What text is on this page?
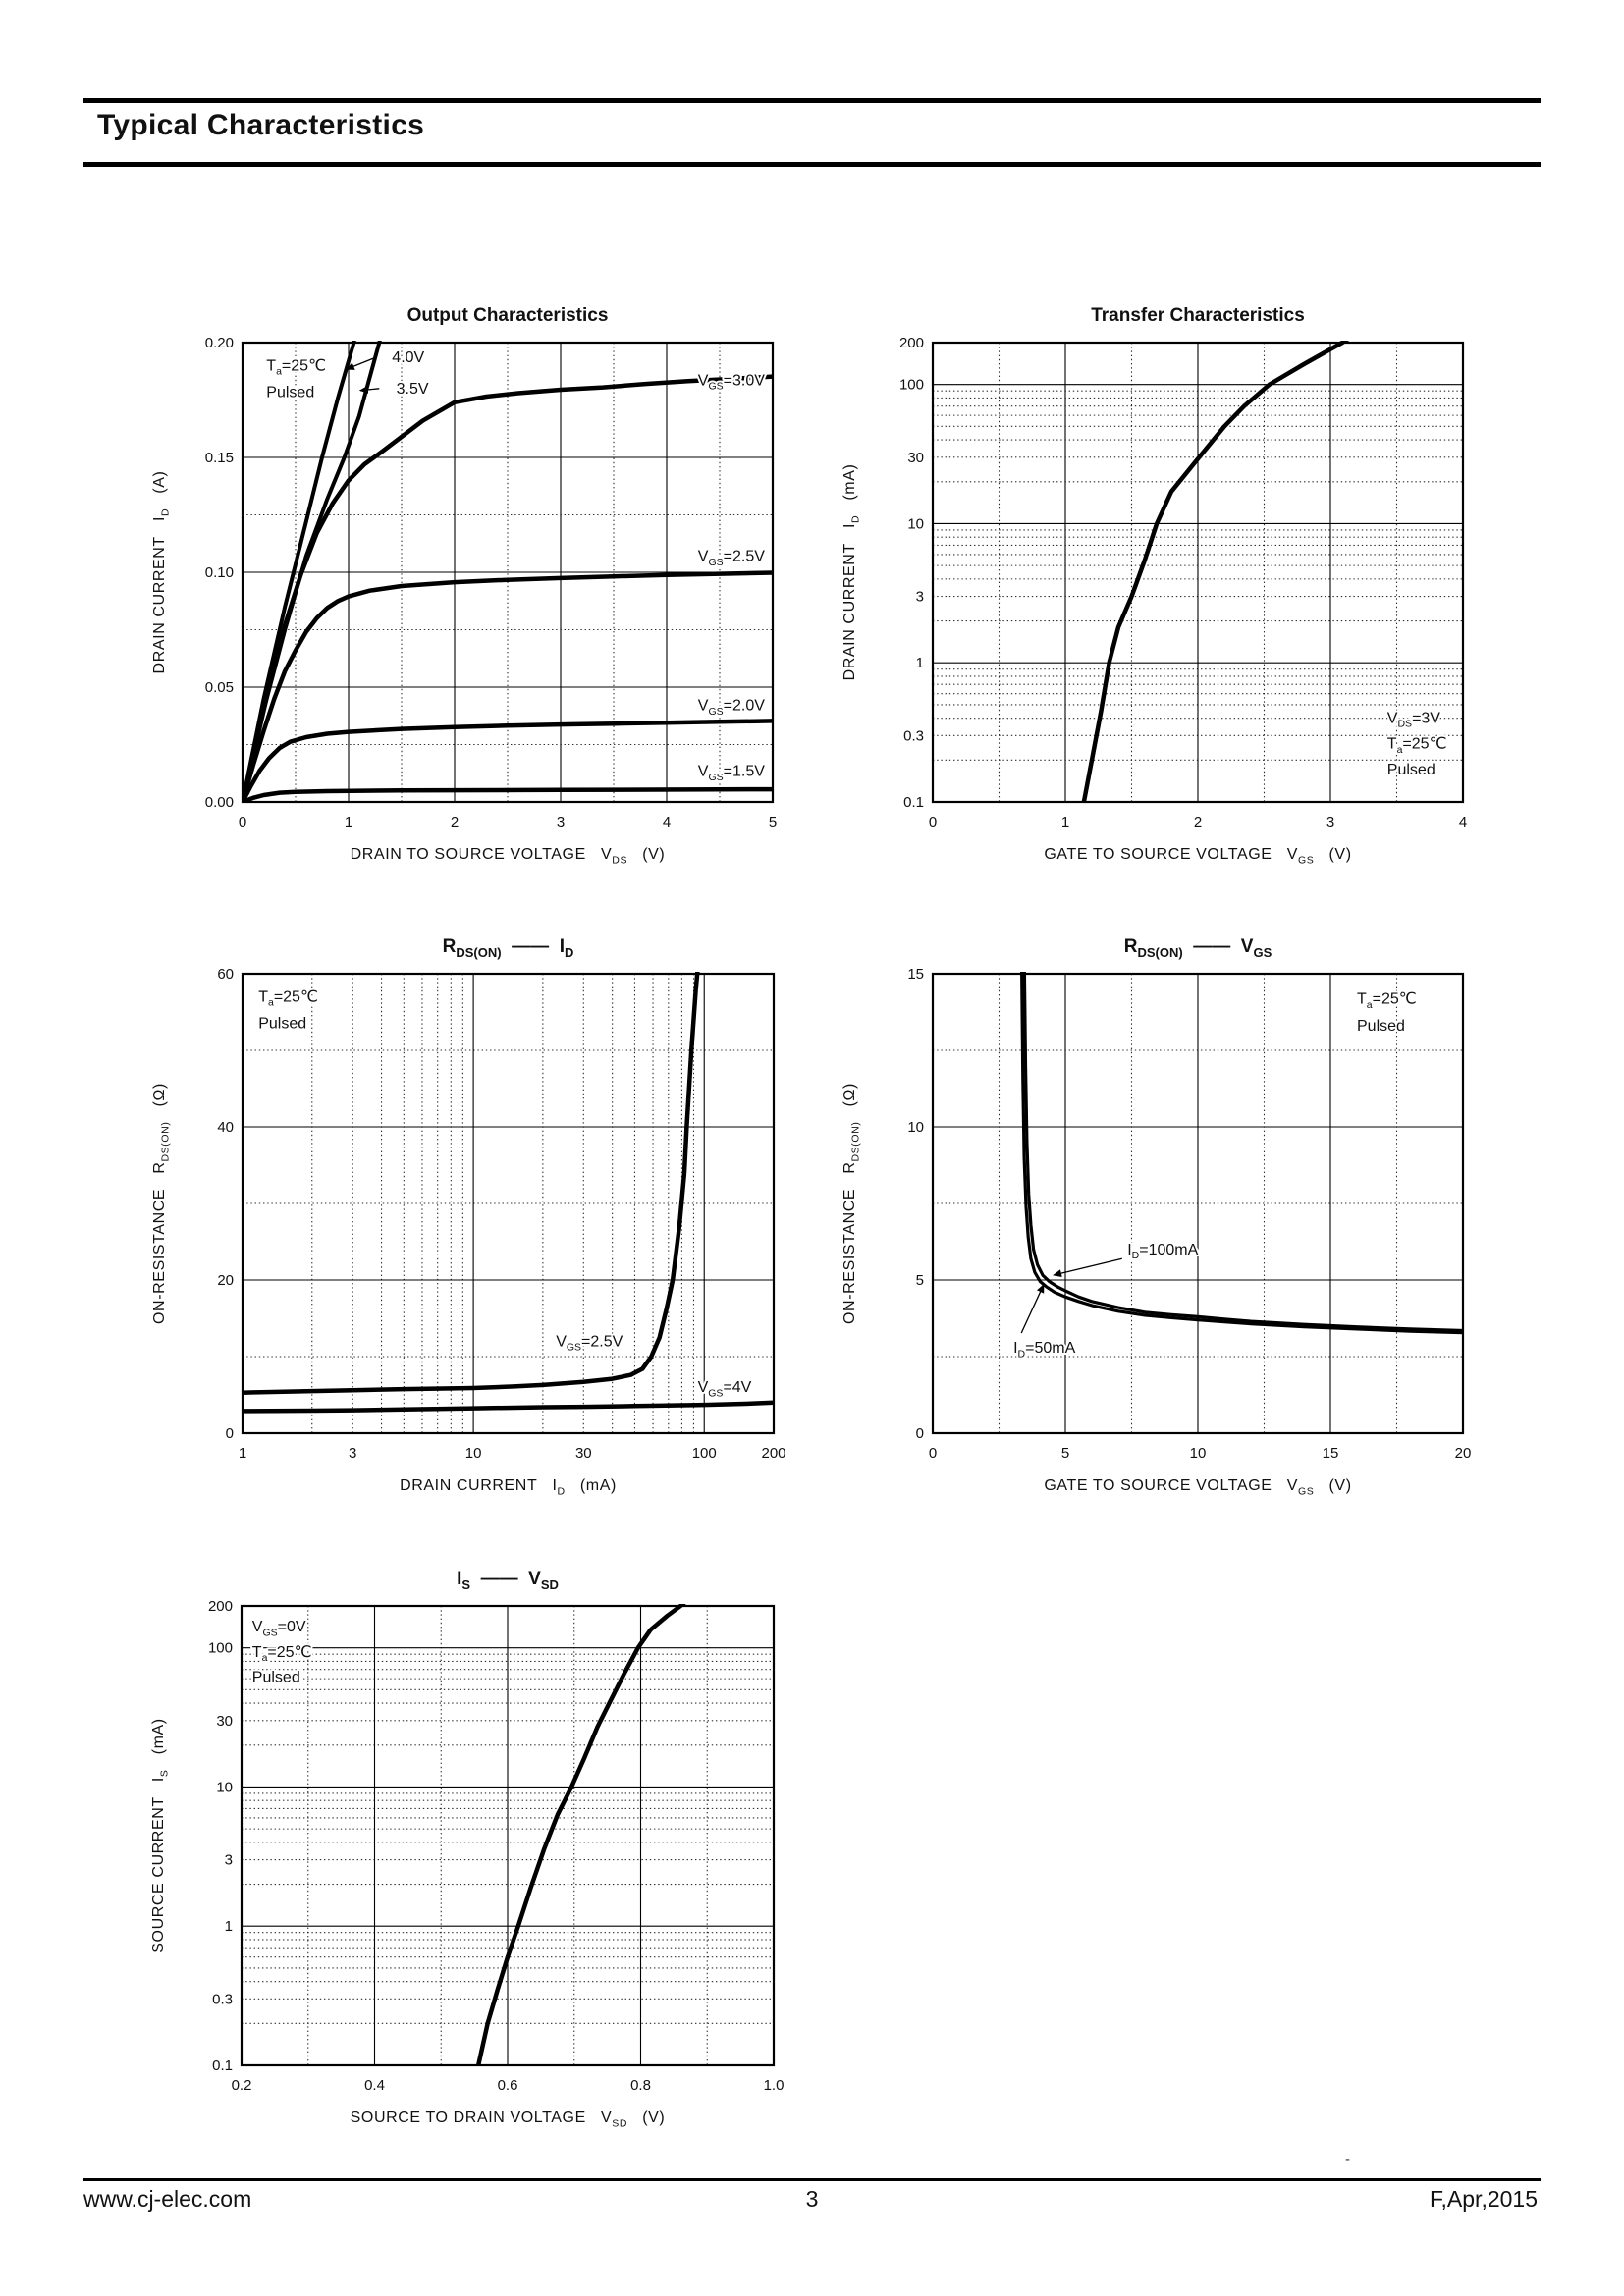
Typical Characteristics
0	1	2	3	4	5
0.00
0.05
0.10
0.15
0.20
$T_a=25℃$
Pulsed
4.0V
3.5V	$V_{GS}=3.0V$
$V_{GS}=2.5V$
$V_{GS}=2.0V$
$V_{GS}=1.5V$
Output Characteristics
DRAIN TO SOURCE VOLTAGE   $V_{DS}$   (V)
DRAIN CURRENT   $I_D$   (A)
0	1	2	3	4
200
100
30
10
3
1
0.3
0.1
$V_{DS}=3V$
$T_a=25℃$
Pulsed
Transfer Characteristics
GATE TO SOURCE VOLTAGE   $V_{GS}$   (V)
DRAIN CURRENT   $I_D$   (mA)
1	3	10	30	100	200
0
20
40
60
$T_a=25℃$
Pulsed
$V_{GS}=2.5V$
$V_{GS}=4V$
$R_{DS(ON)}$  ——  $I_D$
DRAIN CURRENT   $I_D$   (mA)
ON-RESISTANCE   $R_{DS(ON)}$   (Ω)
0	5	10	15	20
0
5
10
15
$T_a=25℃$
Pulsed
$I_D=100mA$
$I_D=50mA$
$R_{DS(ON)}$  ——  $V_{GS}$
GATE TO SOURCE VOLTAGE   $V_{GS}$   (V)
ON-RESISTANCE   $R_{DS(ON)}$   (Ω)
0.2	0.4	0.6	0.8	1.0
200
100
30
10
3
1
0.3
0.1
$V_{GS}=0V$
$T_a=25℃$
Pulsed
$I_S$  ——  $V_{SD}$
SOURCE TO DRAIN VOLTAGE   $V_{SD}$   (V)
SOURCE CURRENT   $I_S$   (mA)
-
www.cj-elec.com	3	F,Apr,2015
